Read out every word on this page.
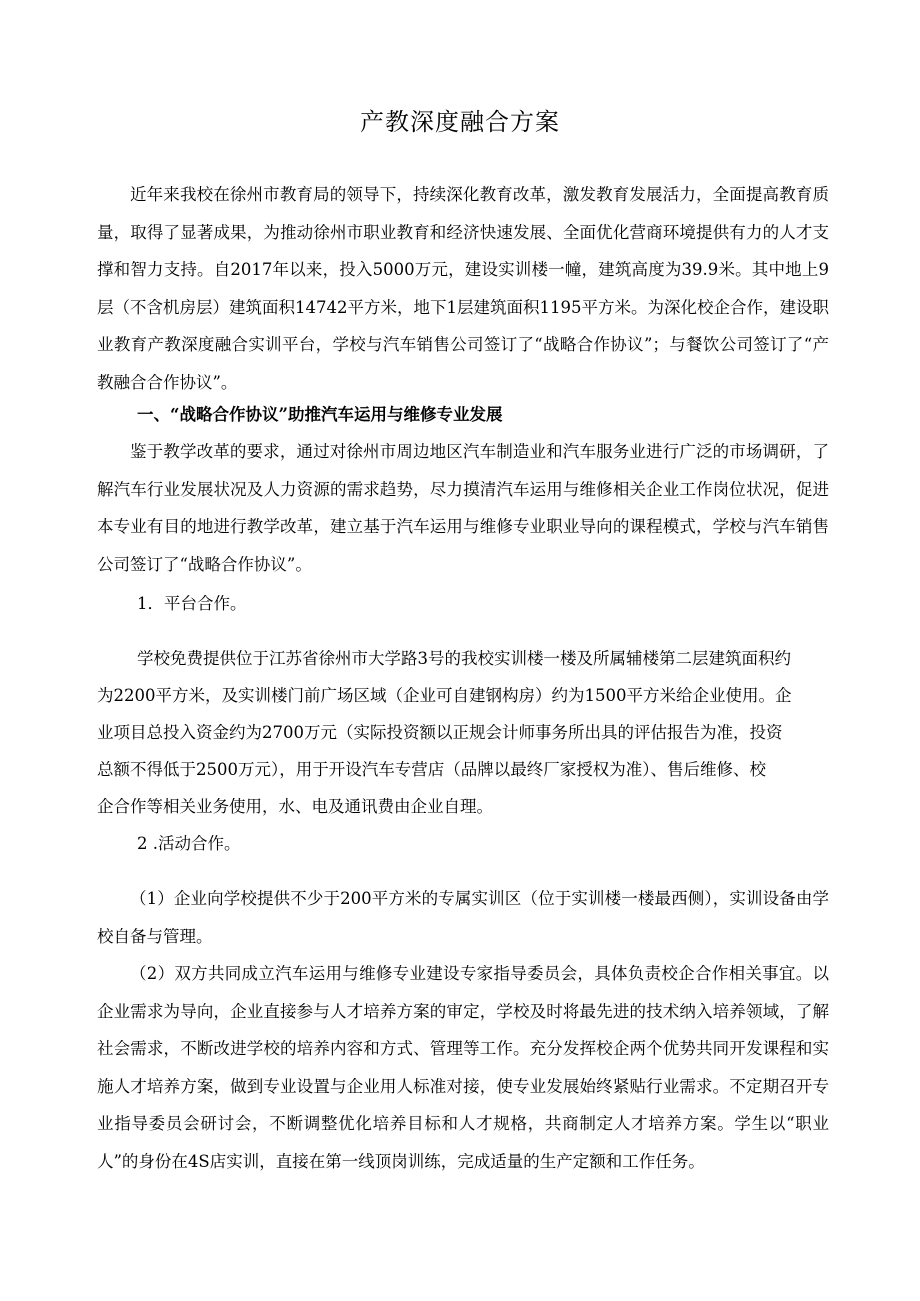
产教深度融合方案

近年来我校在徐州市教育局的领导下，持续深化教育改革，激发教育发展活力，全面提高教育质量，取得了显著成果，为推动徐州市职业教育和经济快速发展、全面优化营商环境提供有力的人才支撑和智力支持。自2017年以来，投入5000万元，建设实训楼一幢，建筑高度为39.9米。其中地上9层（不含机房层）建筑面积14742平方米，地下1层建筑面积1195平方米。为深化校企合作，建设职业教育产教深度融合实训平台，学校与汽车销售公司签订了“战略合作协议”；与餐饮公司签订了“产教融合合作协议”。

一、“战略合作协议”助推汽车运用与维修专业发展

鉴于教学改革的要求，通过对徐州市周边地区汽车制造业和汽车服务业进行广泛的市场调研，了解汽车行业发展状况及人力资源的需求趋势，尽力摸清汽车运用与维修相关企业工作岗位状况，促进本专业有目的地进行教学改革，建立基于汽车运用与维修专业职业导向的课程模式，学校与汽车销售公司签订了“战略合作协议”。

1．平台合作。

学校免费提供位于江苏省徐州市大学路3号的我校实训楼一楼及所属辅楼第二层建筑面积约

为2200平方米，及实训楼门前广场区域（企业可自建钢构房）约为1500平方米给企业使用。企

业项目总投入资金约为2700万元（实际投资额以正规会计师事务所出具的评估报告为准，投资

总额不得低于2500万元），用于开设汽车专营店（品牌以最终厂家授权为准）、售后维修、校

企合作等相关业务使用，水、电及通讯费由企业自理。

2 .活动合作。

（1）企业向学校提供不少于200平方米的专属实训区（位于实训楼一楼最西侧），实训设备由学校自备与管理。

（2）双方共同成立汽车运用与维修专业建设专家指导委员会，具体负责校企合作相关事宜。以企业需求为导向，企业直接参与人才培养方案的审定，学校及时将最先进的技术纳入培养领域，了解社会需求，不断改进学校的培养内容和方式、管理等工作。充分发挥校企两个优势共同开发课程和实施人才培养方案，做到专业设置与企业用人标准对接，使专业发展始终紧贴行业需求。不定期召开专业指导委员会研讨会，不断调整优化培养目标和人才规格，共商制定人才培养方案。学生以“职业人”的身份在4S店实训，直接在第一线顶岗训练，完成适量的生产定额和工作任务。
